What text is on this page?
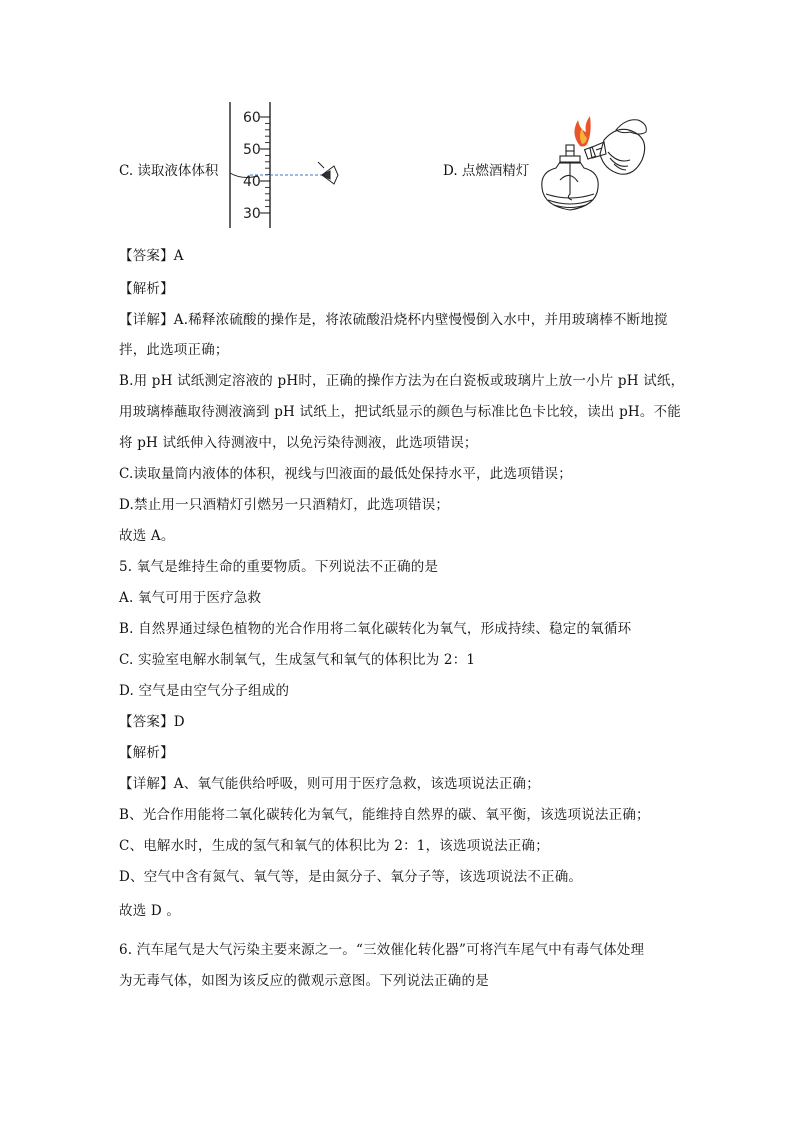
60
50
40
30
C. 读取液体体积	D. 点燃酒精灯
【答案】A
【解析】
【详解】A.稀释浓硫酸的操作是，将浓硫酸沿烧杯内壁慢慢倒入水中，并用玻璃棒不断地搅
拌，此选项正确；
B.用 pH 试纸测定溶液的 pH时，正确的操作方法为在白瓷板或玻璃片上放一小片 pH 试纸，
用玻璃棒蘸取待测液滴到 pH 试纸上，把试纸显示的颜色与标准比色卡比较，读出 pH。不能
将 pH 试纸伸入待测液中，以免污染待测液，此选项错误；
C.读取量筒内液体的体积，视线与凹液面的最低处保持水平，此选项错误；
D.禁止用一只酒精灯引燃另一只酒精灯，此选项错误；
故选 A。
5. 氧气是维持生命的重要物质。下列说法不正确的是
A. 氧气可用于医疗急救
B. 自然界通过绿色植物的光合作用将二氧化碳转化为氧气，形成持续、稳定的氧循环
C. 实验室电解水制氧气，生成氢气和氧气的体积比为 2：1
D. 空气是由空气分子组成的
【答案】D
【解析】
【详解】A、氧气能供给呼吸，则可用于医疗急救，该选项说法正确；
B、光合作用能将二氧化碳转化为氧气，能维持自然界的碳、氧平衡，该选项说法正确；
C、电解水时，生成的氢气和氧气的体积比为 2：1，该选项说法正确；
D、空气中含有氮气、氧气等，是由氮分子、氧分子等，该选项说法不正确。
故选 D 。
6. 汽车尾气是大气污染主要来源之一。“三效催化转化器”可将汽车尾气中有毒气体处理
为无毒气体，如图为该反应的微观示意图。下列说法正确的是
